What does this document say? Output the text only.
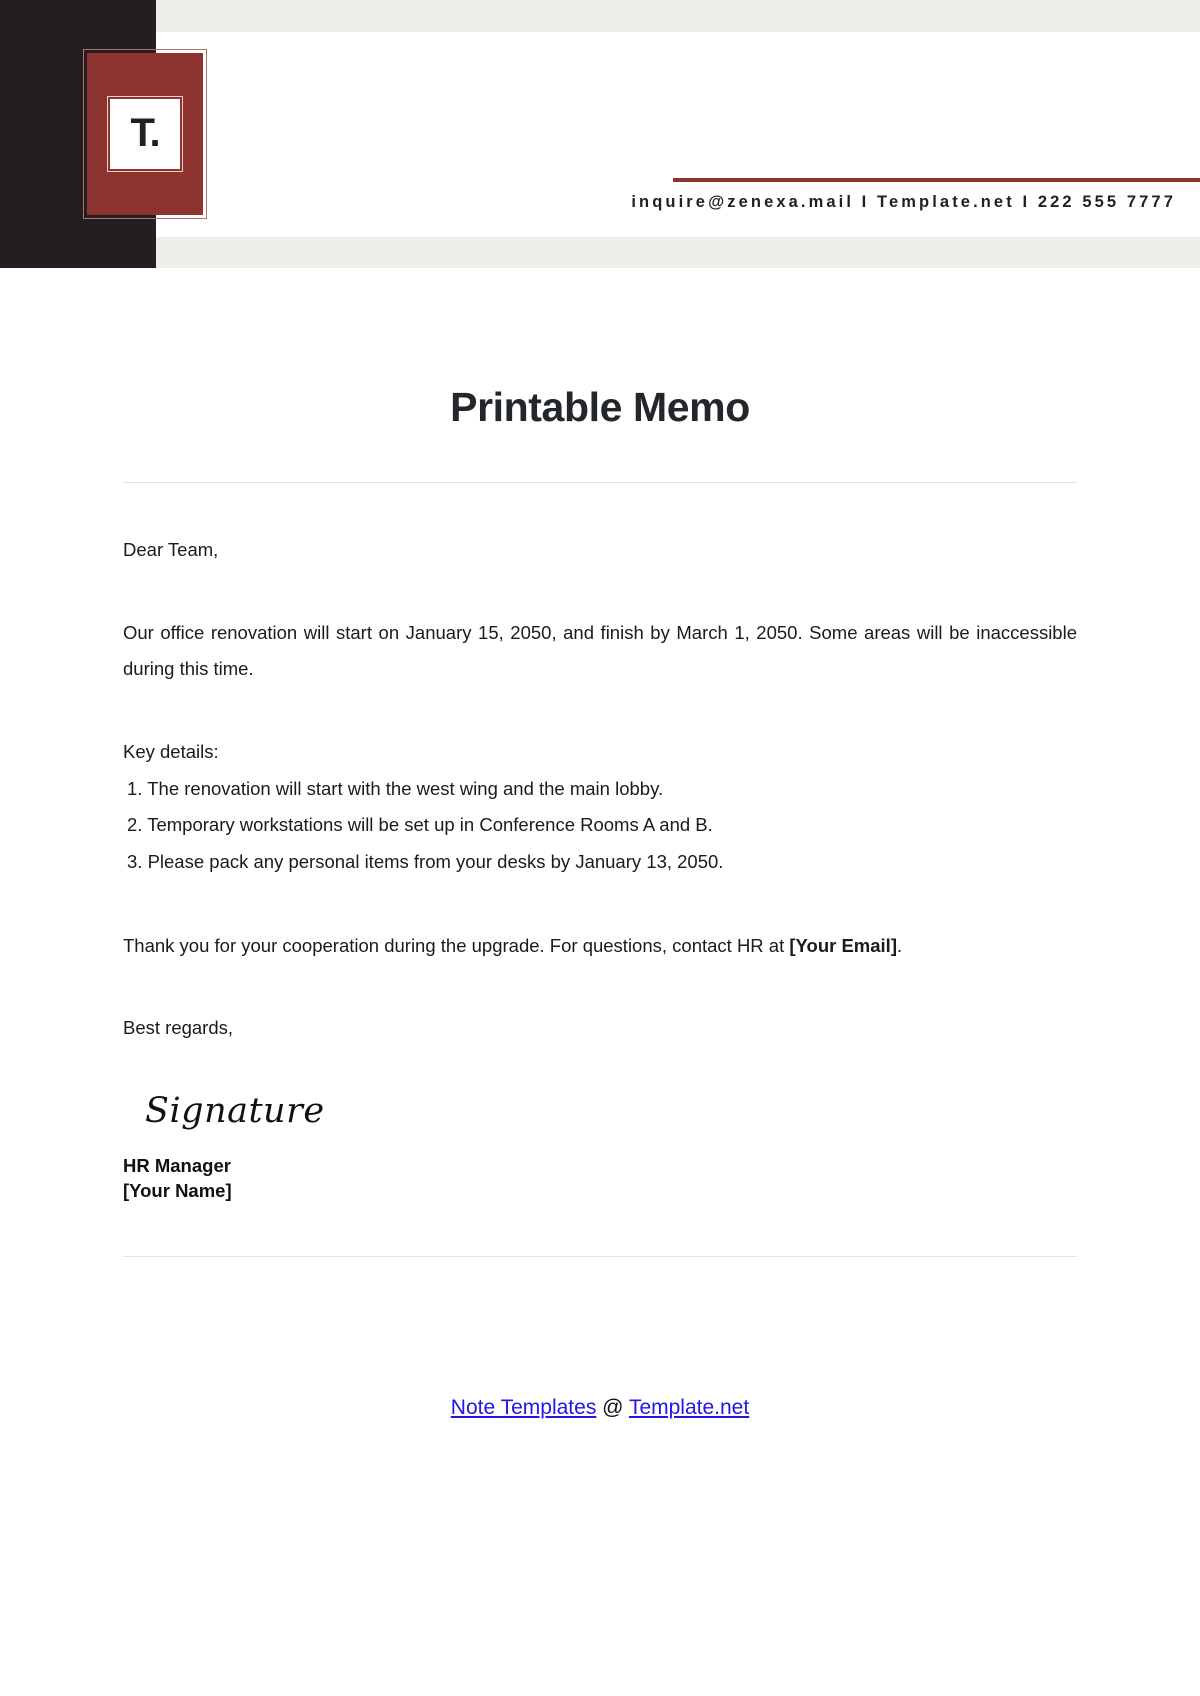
T.
inquire@zenexa.mail I Template.net I 222 555 7777
Printable Memo

Dear Team,

Our office renovation will start on January 15, 2050, and finish by March 1, 2050. Some areas will be inaccessible during this time.

Key details:

1. The renovation will start with the west wing and the main lobby.
2. Temporary workstations will be set up in Conference Rooms A and B.
3. Please pack any personal items from your desks by January 13, 2050.

Thank you for your cooperation during the upgrade. For questions, contact HR at [Your Email].

Best regards,

Signature
HR Manager
[Your Name]
Note Templates @ Template.net
